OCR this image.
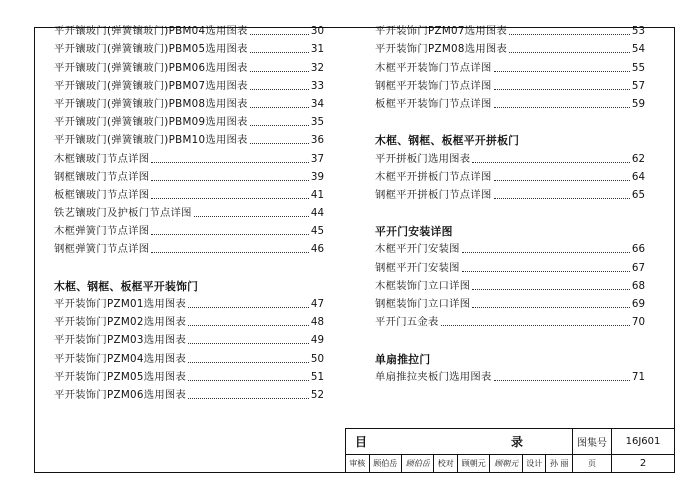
平开镶玻门(弹簧镶玻门)PBM04选用图表	30
平开镶玻门(弹簧镶玻门)PBM05选用图表	31
平开镶玻门(弹簧镶玻门)PBM06选用图表	32
平开镶玻门(弹簧镶玻门)PBM07选用图表	33
平开镶玻门(弹簧镶玻门)PBM08选用图表	34
平开镶玻门(弹簧镶玻门)PBM09选用图表	35
平开镶玻门(弹簧镶玻门)PBM10选用图表	36
木框镶玻门节点详图	37
钢框镶玻门节点详图	39
板框镶玻门节点详图	41
铁艺镶玻门及护板门节点详图	44
木框弹簧门节点详图	45
钢框弹簧门节点详图	46
木框、钢框、板框平开装饰门
平开装饰门PZM01选用图表	47
平开装饰门PZM02选用图表	48
平开装饰门PZM03选用图表	49
平开装饰门PZM04选用图表	50
平开装饰门PZM05选用图表	51
平开装饰门PZM06选用图表	52
平开装饰门PZM07选用图表	53
平开装饰门PZM08选用图表	54
木框平开装饰门节点详图	55
钢框平开装饰门节点详图	57
板框平开装饰门节点详图	59
木框、钢框、板框平开拼板门
平开拼板门选用图表	62
木框平开拼板门节点详图	64
钢框平开拼板门节点详图	65
平开门安装详图
木框平开门安装图	66
钢框平开门安装图	67
木框装饰门立口详图	68
钢框装饰门立口详图	69
平开门五金表	70
单扇推拉门
单扇推拉夹板门选用图表	71
目　　录								图集号	16J601
审核	顾伯岳	顾伯岳	校对	顾朝元	顾朝元	设计	孙 丽	页	2
